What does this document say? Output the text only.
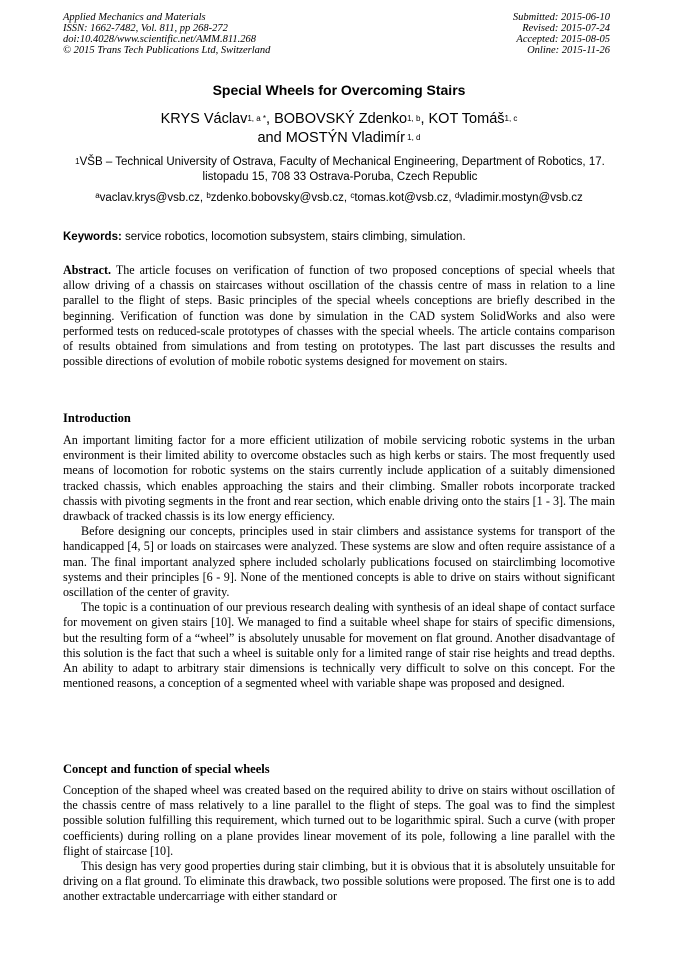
Applied Mechanics and Materials
ISSN: 1662-7482, Vol. 811, pp 268-272
doi:10.4028/www.scientific.net/AMM.811.268
© 2015 Trans Tech Publications Ltd, Switzerland
Submitted: 2015-06-10
Revised: 2015-07-24
Accepted: 2015-08-05
Online: 2015-11-26
Special Wheels for Overcoming Stairs
KRYS Václav$^{1, a *}$, BOBOVSKÝ Zdenko$^{1, b}$, KOT Tomáš$^{1, c}$
and MOSTÝN Vladimír $^{1, d}$
$^1$VŠB – Technical University of Ostrava, Faculty of Mechanical Engineering, Department of Robotics, 17. listopadu 15, 708 33 Ostrava-Poruba, Czech Republic
$^a$vaclav.krys@vsb.cz, $^b$zdenko.bobovsky@vsb.cz, $^c$tomas.kot@vsb.cz, $^d$vladimir.mostyn@vsb.cz
Keywords: service robotics, locomotion subsystem, stairs climbing, simulation.

Abstract. The article focuses on verification of function of two proposed conceptions of special wheels that allow driving of a chassis on staircases without oscillation of the chassis centre of mass in relation to a line parallel to the flight of steps. Basic principles of the special wheels conceptions are briefly described in the beginning. Verification of function was done by simulation in the CAD system SolidWorks and also were performed tests on reduced-scale prototypes of chasses with the special wheels. The article contains comparison of results obtained from simulations and from testing on prototypes. The last part discusses the results and possible directions of evolution of mobile robotic systems designed for movement on stairs.

Introduction

An important limiting factor for a more efficient utilization of mobile servicing robotic systems in the urban environment is their limited ability to overcome obstacles such as high kerbs or stairs. The most frequently used means of locomotion for robotic systems on the stairs currently include application of a suitably dimensioned tracked chassis, which enables approaching the stairs and their climbing. Smaller robots incorporate tracked chassis with pivoting segments in the front and rear section, which enable driving onto the stairs [1 - 3]. The main drawback of tracked chassis is its low energy efficiency.

Before designing our concepts, principles used in stair climbers and assistance systems for transport of the handicapped [4, 5] or loads on staircases were analyzed. These systems are slow and often require assistance of a man. The final important analyzed sphere included scholarly publications focused on stairclimbing locomotive systems and their principles [6 - 9]. None of the mentioned concepts is able to drive on stairs without significant oscillation of the center of gravity.

The topic is a continuation of our previous research dealing with synthesis of an ideal shape of contact surface for movement on given stairs [10]. We managed to find a suitable wheel shape for stairs of specific dimensions, but the resulting form of a “wheel” is absolutely unusable for movement on flat ground. Another disadvantage of this solution is the fact that such a wheel is suitable only for a limited range of stair rise heights and tread depths. An ability to adapt to arbitrary stair dimensions is technically very difficult to solve on this concept. For the mentioned reasons, a conception of a segmented wheel with variable shape was proposed and designed.

Concept and function of special wheels

Conception of the shaped wheel was created based on the required ability to drive on stairs without oscillation of the chassis centre of mass relatively to a line parallel to the flight of steps. The goal was to find the simplest possible solution fulfilling this requirement, which turned out to be logarithmic spiral. Such a curve (with proper coefficients) during rolling on a plane provides linear movement of its pole, following a line parallel with the flight of staircase [10].

This design has very good properties during stair climbing, but it is obvious that it is absolutely unsuitable for driving on a flat ground. To eliminate this drawback, two possible solutions were proposed. The first one is to add another extractable undercarriage with either standard or
